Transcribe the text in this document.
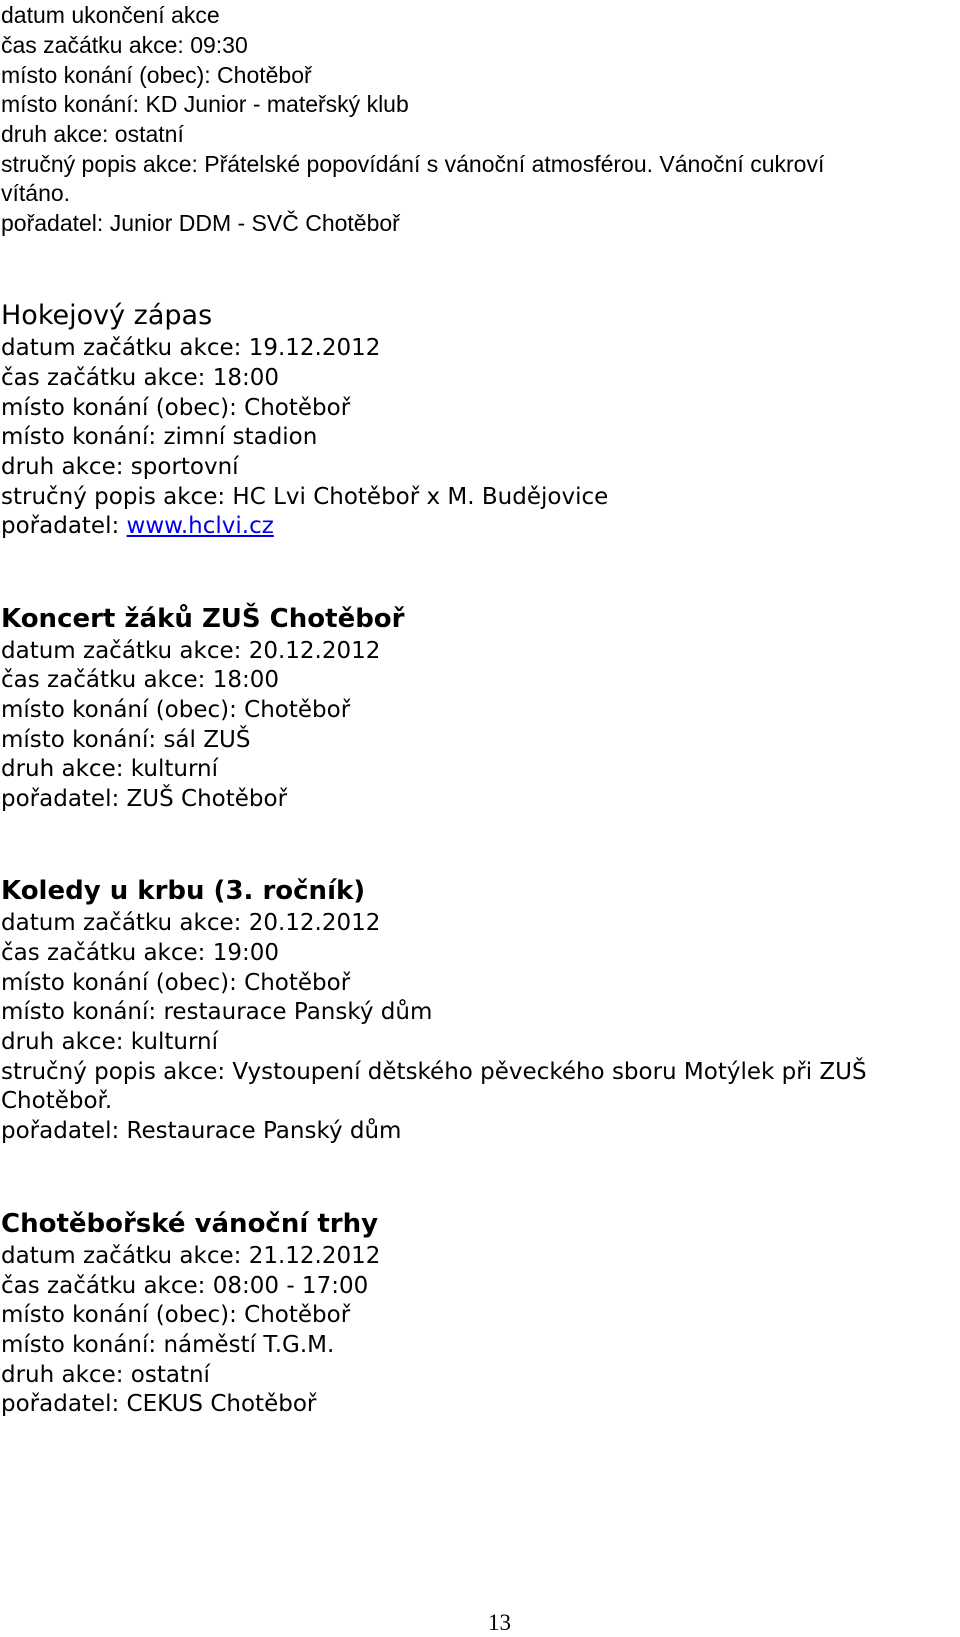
datum ukončení akce
čas začátku akce: 09:30
místo konání (obec): Chotěboř
místo konání: KD Junior - mateřský klub
druh akce: ostatní
stručný popis akce: Přátelské popovídání s vánoční atmosférou. Vánoční cukroví
vítáno.
pořadatel: Junior DDM - SVČ Chotěboř
Hokejový zápas
datum začátku akce: 19.12.2012
čas začátku akce: 18:00
místo konání (obec): Chotěboř
místo konání: zimní stadion
druh akce: sportovní
stručný popis akce: HC Lvi Chotěboř x M. Budějovice
pořadatel: www.hclvi.cz
Koncert žáků ZUŠ Chotěboř
datum začátku akce: 20.12.2012
čas začátku akce: 18:00
místo konání (obec): Chotěboř
místo konání: sál ZUŠ
druh akce: kulturní
pořadatel: ZUŠ Chotěboř
Koledy u krbu (3. ročník)
datum začátku akce: 20.12.2012
čas začátku akce: 19:00
místo konání (obec): Chotěboř
místo konání: restaurace Panský dům
druh akce: kulturní
stručný popis akce: Vystoupení dětského pěveckého sboru Motýlek při ZUŠ
Chotěboř.
pořadatel: Restaurace Panský dům
Chotěbořské vánoční trhy
datum začátku akce: 21.12.2012
čas začátku akce: 08:00 - 17:00
místo konání (obec): Chotěboř
místo konání: náměstí T.G.M.
druh akce: ostatní
pořadatel: CEKUS Chotěboř
13
